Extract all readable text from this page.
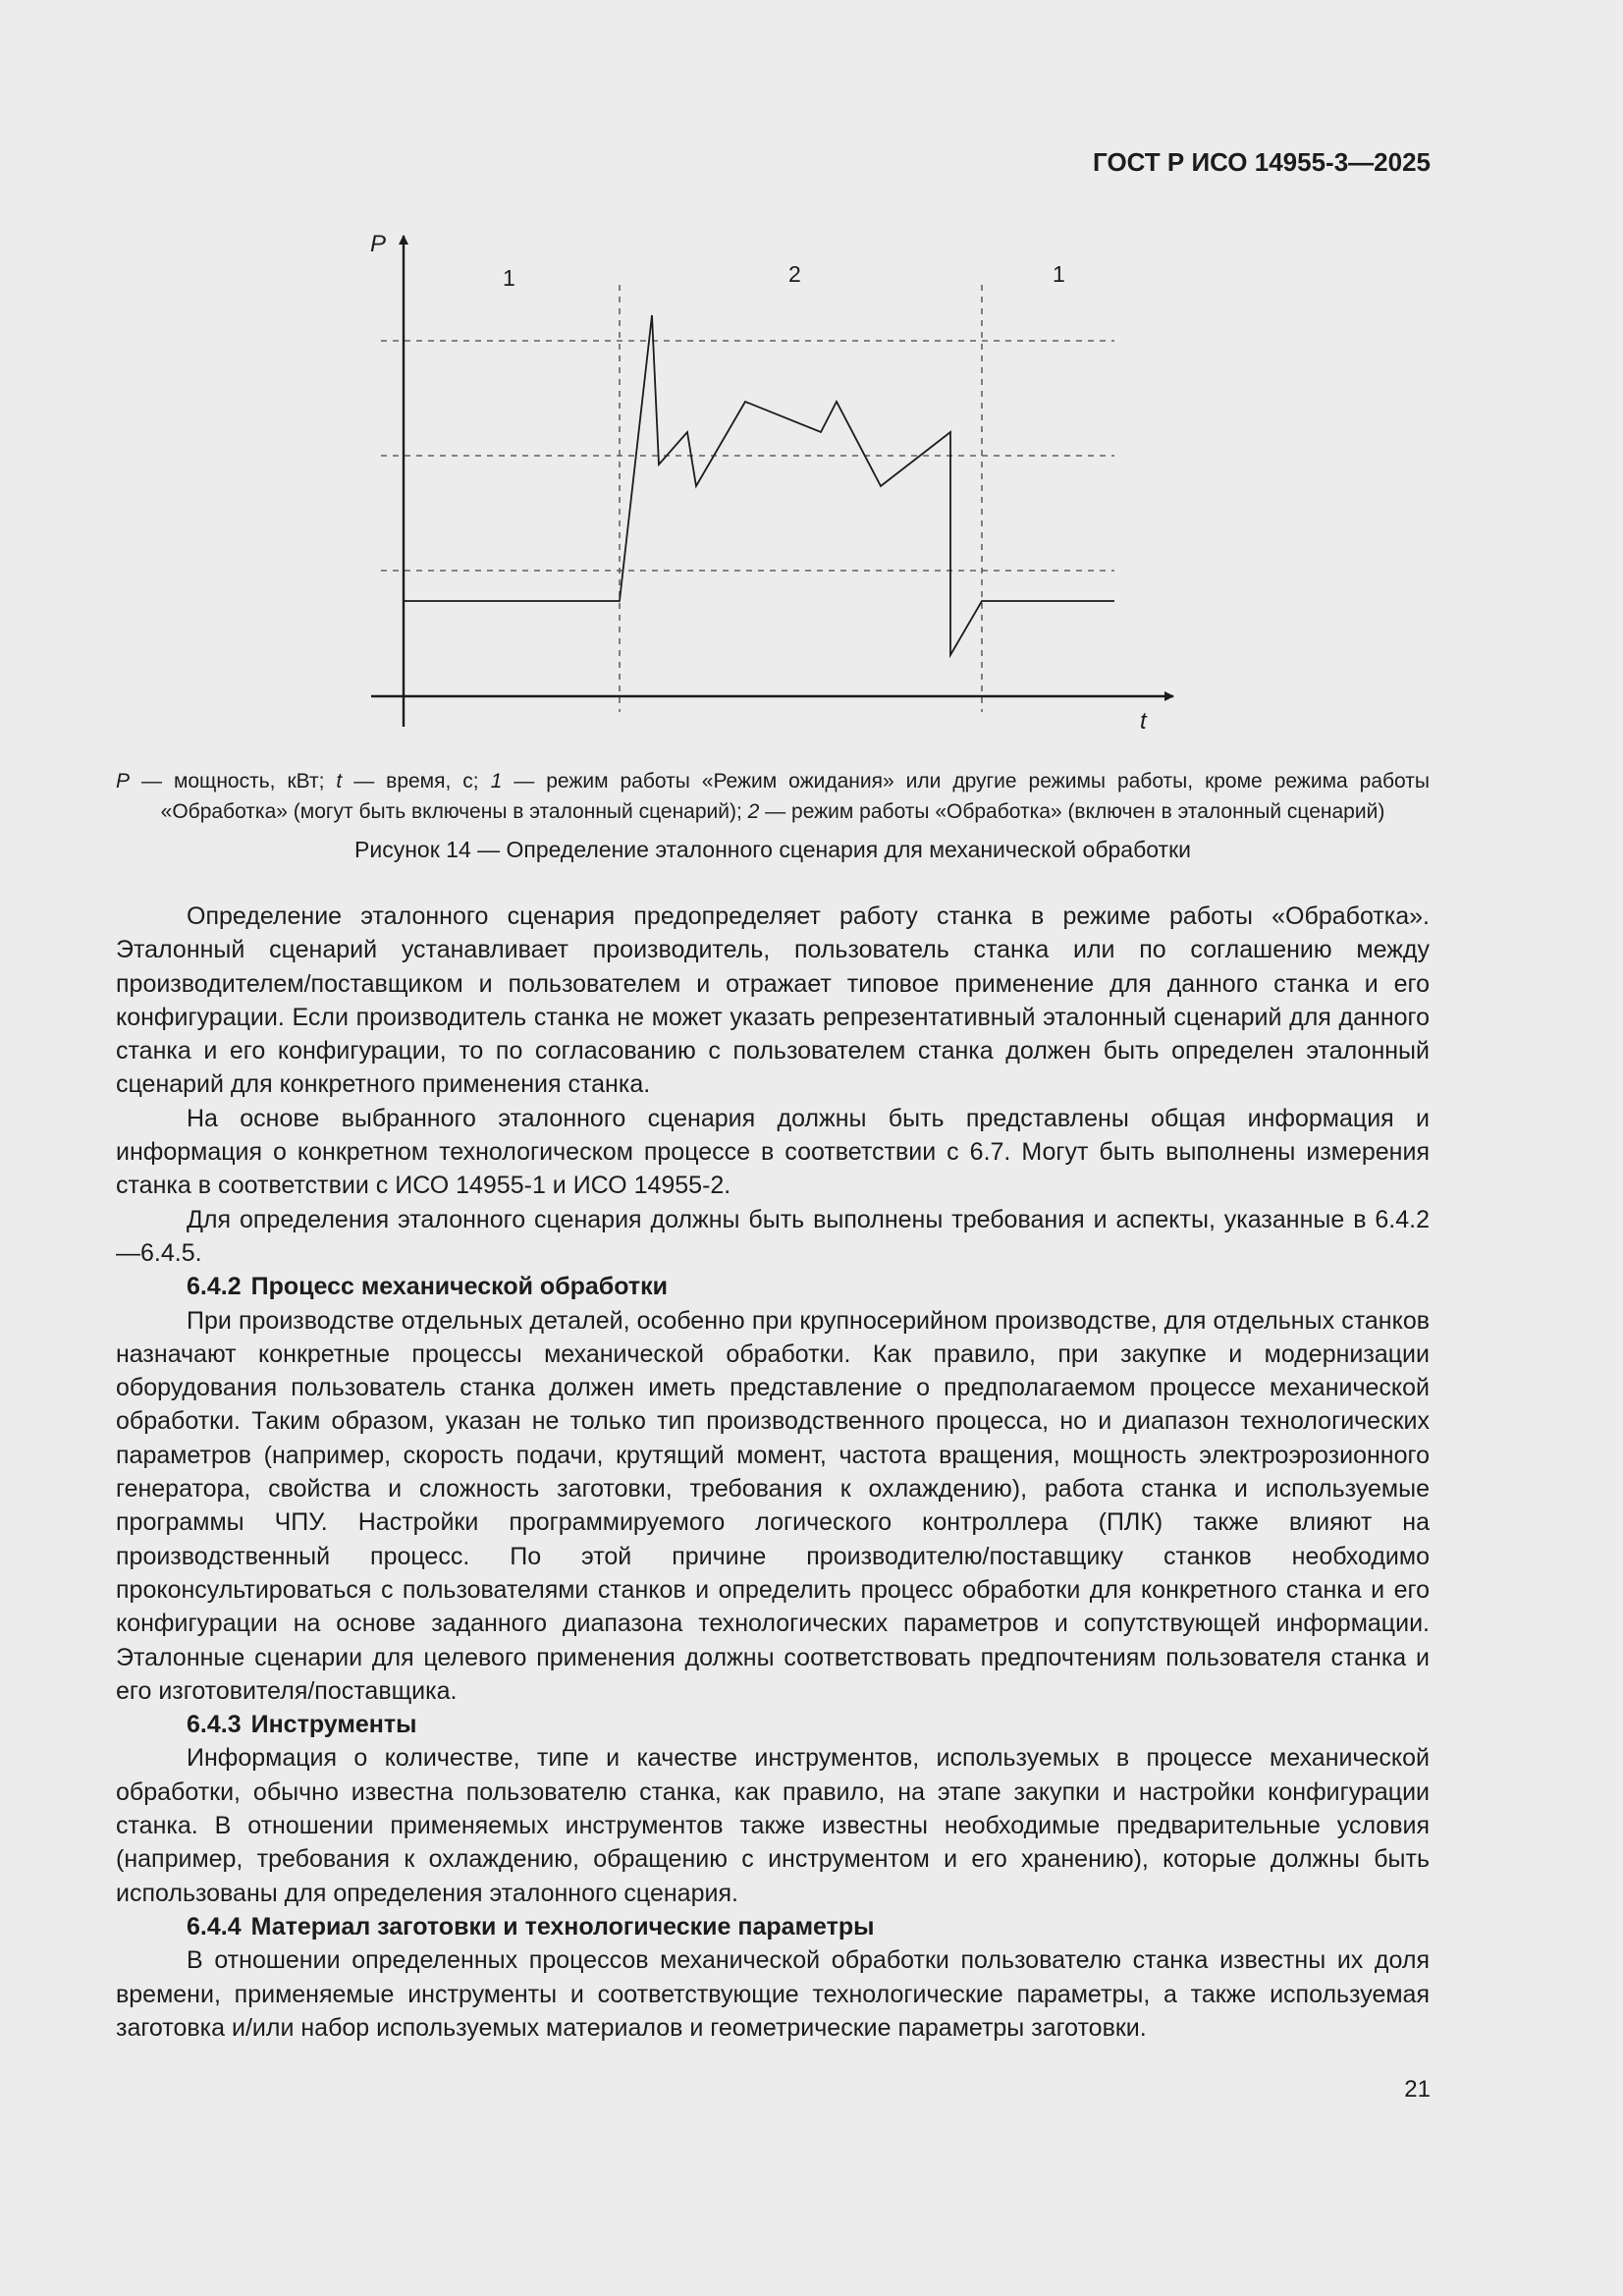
ГОСТ Р ИСО 14955-3—2025
P
t
1	2	1
P — мощность, кВт; t — время, с; 1 — режим работы «Режим ожидания» или другие режимы работы, кроме режима работы «Обработка» (могут быть включены в эталонный сценарий); 2 — режим работы «Обработка» (включен в эталонный сценарий)
Рисунок 14 — Определение эталонного сценария для механической обработки

Определение эталонного сценария предопределяет работу станка в режиме работы «Обработка». Эталонный сценарий устанавливает производитель, пользователь станка или по соглашению между производителем/поставщиком и пользователем и отражает типовое применение для данного станка и его конфигурации. Если производитель станка не может указать репрезентативный эталонный сценарий для данного станка и его конфигурации, то по согласованию с пользователем станка должен быть определен эталонный сценарий для конкретного применения станка.

На основе выбранного эталонного сценария должны быть представлены общая информация и информация о конкретном технологическом процессе в соответствии с 6.7. Могут быть выполнены измерения станка в соответствии с ИСО 14955-1 и ИСО 14955-2.

Для определения эталонного сценария должны быть выполнены требования и аспекты, указанные в 6.4.2—6.4.5.

6.4.2 Процесс механической обработки

При производстве отдельных деталей, особенно при крупносерийном производстве, для отдельных станков назначают конкретные процессы механической обработки. Как правило, при закупке и модернизации оборудования пользователь станка должен иметь представление о предполагаемом процессе механической обработки. Таким образом, указан не только тип производственного процесса, но и диапазон технологических параметров (например, скорость подачи, крутящий момент, частота вращения, мощность электроэрозионного генератора, свойства и сложность заготовки, требования к охлаждению), работа станка и используемые программы ЧПУ. Настройки программируемого логического контроллера (ПЛК) также влияют на производственный процесс. По этой причине производителю/поставщику станков необходимо проконсультироваться с пользователями станков и определить процесс обработки для конкретного станка и его конфигурации на основе заданного диапазона технологических параметров и сопутствующей информации. Эталонные сценарии для целевого применения должны соответствовать предпочтениям пользователя станка и его изготовителя/поставщика.

6.4.3 Инструменты

Информация о количестве, типе и качестве инструментов, используемых в процессе механической обработки, обычно известна пользователю станка, как правило, на этапе закупки и настройки конфигурации станка. В отношении применяемых инструментов также известны необходимые предварительные условия (например, требования к охлаждению, обращению с инструментом и его хранению), которые должны быть использованы для определения эталонного сценария.

6.4.4 Материал заготовки и технологические параметры

В отношении определенных процессов механической обработки пользователю станка известны их доля времени, применяемые инструменты и соответствующие технологические параметры, а также используемая заготовка и/или набор используемых материалов и геометрические параметры заготовки.

21
